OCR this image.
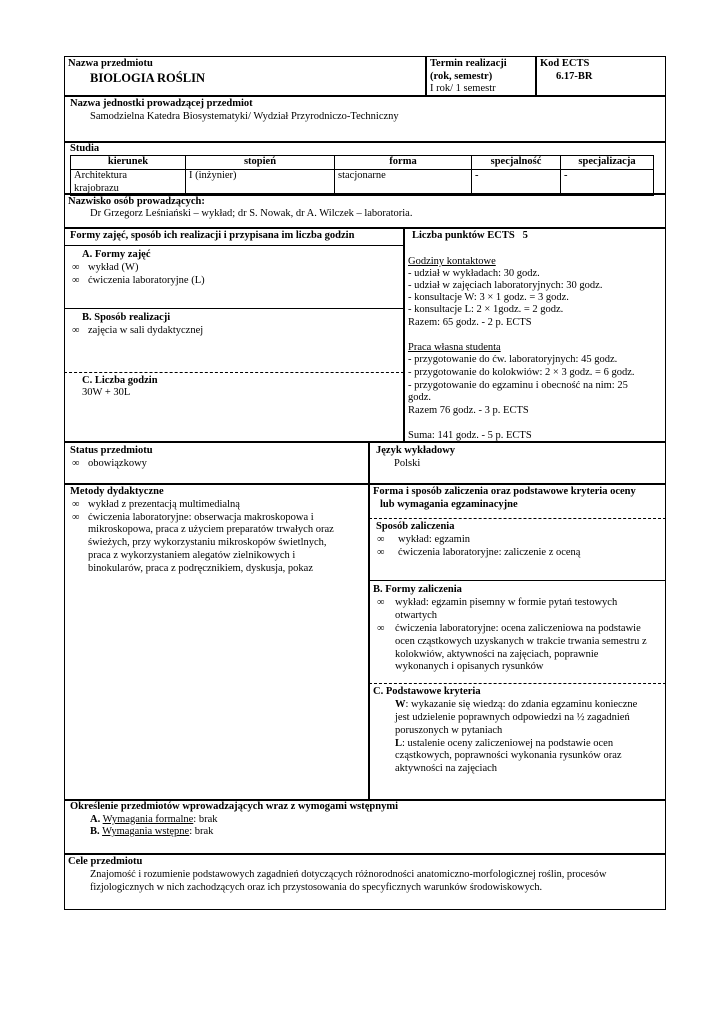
Nazwa przedmiotu
BIOLOGIA ROŚLIN
Termin realizacji
(rok, semestr)
I rok/ 1 semestr
Kod ECTS
6.17-BR
Nazwa jednostki prowadzącej przedmiot
Samodzielna Katedra Biosystematyki/ Wydział Przyrodniczo-Techniczny
Studia
kierunek	stopień	forma	specjalność	specjalizacja

Architektura
krajobrazu	I (inżynier)	stacjonarne	-	-
Nazwisko osób prowadzących:
Dr Grzegorz Leśniański – wykład; dr S. Nowak, dr A. Wilczek – laboratoria.
Formy zajęć, sposób ich realizacji i przypisana im liczba godzin
A. Formy zajęć
∞ wykład (W)
∞ ćwiczenia laboratoryjne (L)
B. Sposób realizacji
∞ zajęcia w sali dydaktycznej
C. Liczba godzin
30W + 30L
Liczba punktów ECTS 5
Godziny kontaktowe
- udział w wykładach: 30 godz.
- udział w zajęciach laboratoryjnych: 30 godz.
- konsultacje W: 3 × 1 godz. = 3 godz.
- konsultacje L: 2 × 1godz. = 2 godz.
Razem: 65 godz. - 2 p. ECTS
Praca własna studenta
- przygotowanie do ćw. laboratoryjnych: 45 godz.
- przygotowanie do kolokwiów: 2 × 3 godz. = 6 godz.
- przygotowanie do egzaminu i obecność na nim: 25
godz.
Razem 76 godz. - 3 p. ECTS
Suma: 141 godz. - 5 p. ECTS
Status przedmiotu
∞ obowiązkowy
Język wykładowy
Polski
Metody dydaktyczne
∞ wykład z prezentacją multimedialną
∞ ćwiczenia laboratoryjne: obserwacja makroskopowa i
mikroskopowa, praca z użyciem preparatów trwałych oraz
świeżych, przy wykorzystaniu mikroskopów świetlnych,
praca z wykorzystaniem alegatów zielnikowych i
binokularów, praca z podręcznikiem, dyskusja, pokaz
Forma i sposób zaliczenia oraz podstawowe kryteria oceny
lub wymagania egzaminacyjne
Sposób zaliczenia
∞ wykład: egzamin
∞ ćwiczenia laboratoryjne: zaliczenie z oceną
B. Formy zaliczenia
∞ wykład: egzamin pisemny w formie pytań testowych
otwartych
∞ ćwiczenia laboratoryjne: ocena zaliczeniowa na podstawie
ocen cząstkowych uzyskanych w trakcie trwania semestru z
kolokwiów, aktywności na zajęciach, poprawnie
wykonanych i opisanych rysunków
C. Podstawowe kryteria
W: wykazanie się wiedzą: do zdania egzaminu konieczne
jest udzielenie poprawnych odpowiedzi na ½ zagadnień
poruszonych w pytaniach
L: ustalenie oceny zaliczeniowej na podstawie ocen
cząstkowych, poprawności wykonania rysunków oraz
aktywności na zajęciach
Określenie przedmiotów wprowadzających wraz z wymogami wstępnymi
A. Wymagania formalne: brak
B. Wymagania wstępne: brak
Cele przedmiotu
Znajomość i rozumienie podstawowych zagadnień dotyczących różnorodności anatomiczno-morfologicznej roślin, procesów
fizjologicznych w nich zachodzących oraz ich przystosowania do specyficznych warunków środowiskowych.
